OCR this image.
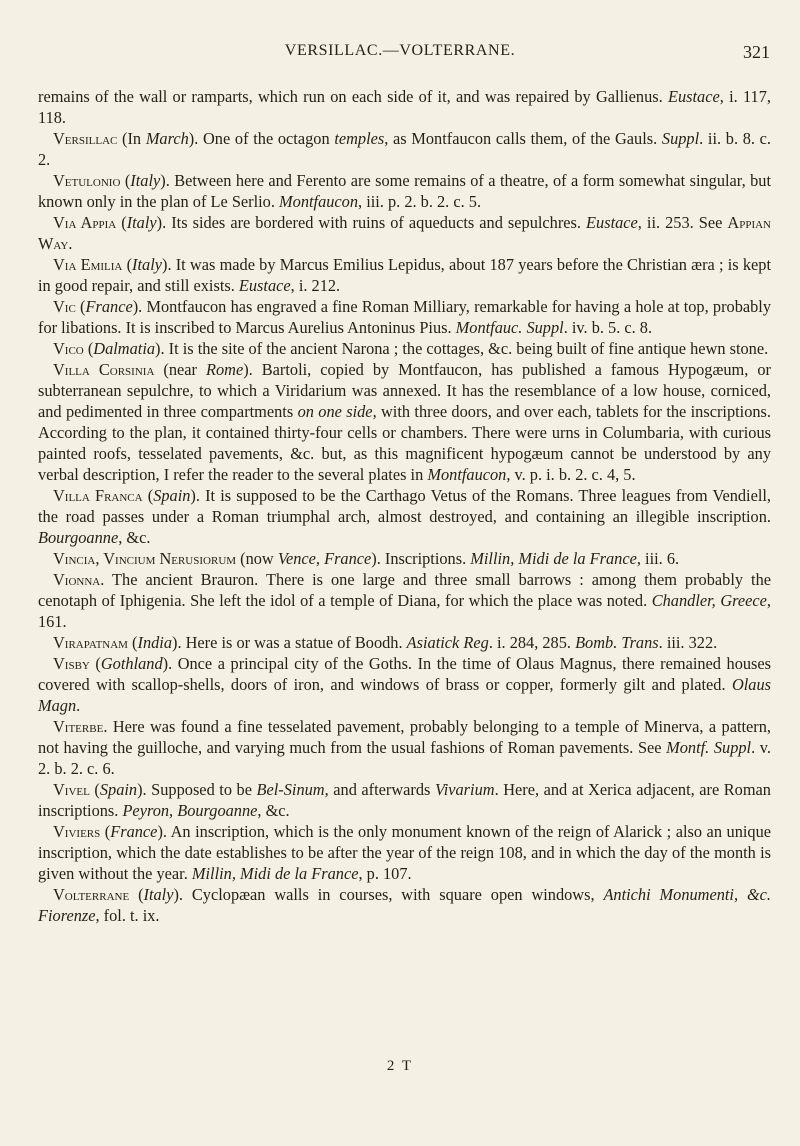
VERSILLAC.—VOLTERRANE.	321

remains of the wall or ramparts, which run on each side of it, and was repaired by Gallienus. Eustace, i. 117, 118.

Versillac (In March). One of the octagon temples, as Montfaucon calls them, of the Gauls. Suppl. ii. b. 8. c. 2.

Vetulonio (Italy). Between here and Ferento are some remains of a theatre, of a form somewhat singular, but known only in the plan of Le Serlio. Montfaucon, iii. p. 2. b. 2. c. 5.

Via Appia (Italy). Its sides are bordered with ruins of aqueducts and sepulchres. Eustace, ii. 253. See Appian Way.

Via Emilia (Italy). It was made by Marcus Emilius Lepidus, about 187 years before the Christian æra ; is kept in good repair, and still exists. Eustace, i. 212.

Vic (France). Montfaucon has engraved a fine Roman Milliary, remarkable for having a hole at top, probably for libations. It is inscribed to Marcus Aurelius Antoninus Pius. Montfauc. Suppl. iv. b. 5. c. 8.

Vico (Dalmatia). It is the site of the ancient Narona ; the cottages, &c. being built of fine antique hewn stone.

Villa Corsinia (near Rome). Bartoli, copied by Montfaucon, has published a famous Hypogæum, or subterranean sepulchre, to which a Viridarium was annexed. It has the resemblance of a low house, corniced, and pedimented in three compartments on one side, with three doors, and over each, tablets for the inscriptions. According to the plan, it contained thirty-four cells or chambers. There were urns in Columbaria, with curious painted roofs, tesselated pavements, &c. but, as this magnificent hypogæum cannot be understood by any verbal description, I refer the reader to the several plates in Montfaucon, v. p. i. b. 2. c. 4, 5.

Villa Franca (Spain). It is supposed to be the Carthago Vetus of the Romans. Three leagues from Vendiell, the road passes under a Roman triumphal arch, almost destroyed, and containing an illegible inscription. Bourgoanne, &c.

Vincia, Vincium Nerusiorum (now Vence, France). Inscriptions. Millin, Midi de la France, iii. 6.

Vionna. The ancient Brauron. There is one large and three small barrows : among them probably the cenotaph of Iphigenia. She left the idol of a temple of Diana, for which the place was noted. Chandler, Greece, 161.

Virapatnam (India). Here is or was a statue of Boodh. Asiatick Reg. i. 284, 285. Bomb. Trans. iii. 322.

Visby (Gothland). Once a principal city of the Goths. In the time of Olaus Magnus, there remained houses covered with scallop-shells, doors of iron, and windows of brass or copper, formerly gilt and plated. Olaus Magn.

Viterbe. Here was found a fine tesselated pavement, probably belonging to a temple of Minerva, a pattern, not having the guilloche, and varying much from the usual fashions of Roman pavements. See Montf. Suppl. v. 2. b. 2. c. 6.

Vivel (Spain). Supposed to be Bel-Sinum, and afterwards Vivarium. Here, and at Xerica adjacent, are Roman inscriptions. Peyron, Bourgoanne, &c.

Viviers (France). An inscription, which is the only monument known of the reign of Alarick ; also an unique inscription, which the date establishes to be after the year of the reign 108, and in which the day of the month is given without the year. Millin, Midi de la France, p. 107.

Volterrane (Italy). Cyclopæan walls in courses, with square open windows, Antichi Monumenti, &c. Fiorenze, fol. t. ix.

2 T
